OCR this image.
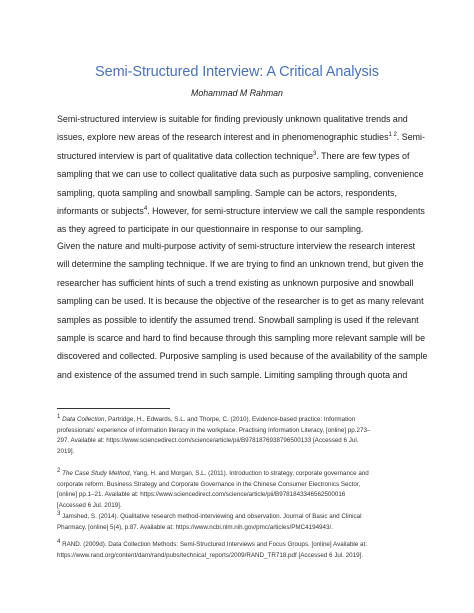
Semi-Structured Interview: A Critical Analysis
Mohammad M Rahman
Semi-structured interview is suitable for finding previously unknown qualitative trends and
issues, explore new areas of the research interest and in phenomenographic studies$^{1 2}$. Semi-
structured interview is part of qualitative data collection technique$^3$. There are few types of
sampling that we can use to collect qualitative data such as purposive sampling, convenience
sampling, quota sampling and snowball sampling. Sample can be actors, respondents,
informants or subjects$^4$. However, for semi-structure interview we call the sample respondents
as they agreed to participate in our questionnaire in response to our sampling.
Given the nature and multi-purpose activity of semi-structure interview the research interest
will determine the sampling technique. If we are trying to find an unknown trend, but given the
researcher has sufficient hints of such a trend existing as unknown purposive and snowball
sampling can be used. It is because the objective of the researcher is to get as many relevant
samples as possible to identify the assumed trend. Snowball sampling is used if the relevant
sample is scarce and hard to find because through this sampling more relevant sample will be
discovered and collected. Purposive sampling is used because of the availability of the sample
and existence of the assumed trend in such sample. Limiting sampling through quota and
$^1$ Data Collection, Partridge, H., Edwards, S.L. and Thorpe, C. (2010). Evidence-based practice: Information
professionals' experience of information literacy in the workplace. Practising Information Literacy, [online] pp.273–
297. Available at: https://www.sciencedirect.com/science/article/pii/B9781876938796500133 [Accessed 6 Jul.
2019].
$^2$ The Case Study Method, Yang, H. and Morgan, S.L. (2011). Introduction to strategy, corporate governance and
corporate reform. Business Strategy and Corporate Governance in the Chinese Consumer Electronics Sector,
[online] pp.1–21. Available at: https://www.sciencedirect.com/science/article/pii/B9781843346562500016
[Accessed 6 Jul. 2019].
$^3$ Jamshed, S. (2014). Qualitative research method-interviewing and observation. Journal of Basic and Clinical
Pharmacy, [online] 5(4), p.87. Available at: https://www.ncbi.nlm.nih.gov/pmc/articles/PMC4194943/.
$^4$ RAND. (2009d). Data Collection Methods: Semi-Structured Interviews and Focus Groups. [online] Available at:
https://www.rand.org/content/dam/rand/pubs/technical_reports/2009/RAND_TR718.pdf [Accessed 6 Jul. 2019].
